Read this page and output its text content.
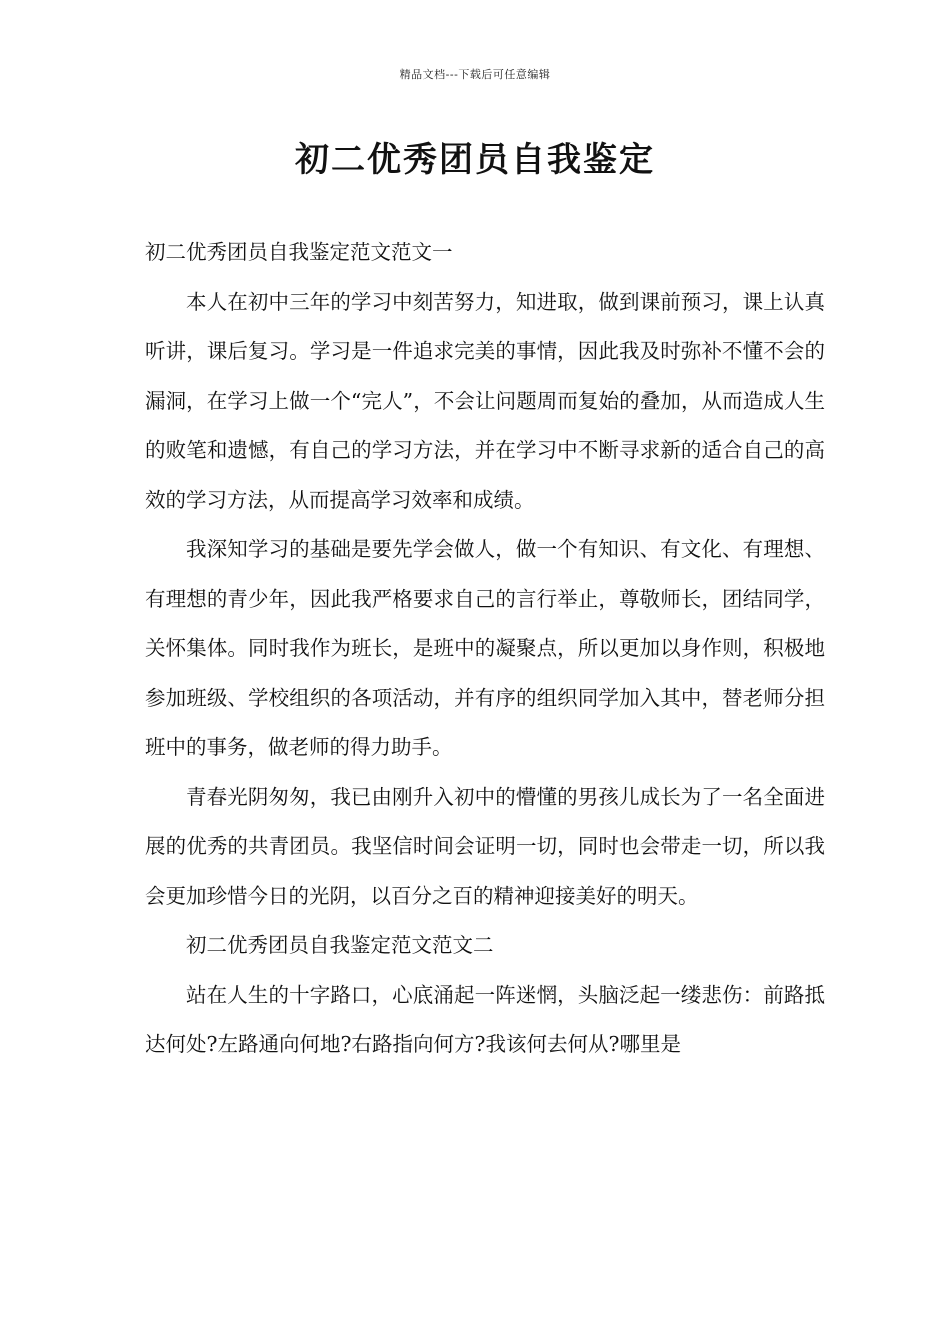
精品文档---下载后可任意编辑
初二优秀团员自我鉴定

初二优秀团员自我鉴定范文范文一

本人在初中三年的学习中刻苦努力，知进取，做到课前预习，课上认真听讲，课后复习。学习是一件追求完美的事情，因此我及时弥补不懂不会的漏洞，在学习上做一个“完人”，不会让问题周而复始的叠加，从而造成人生的败笔和遗憾，有自己的学习方法，并在学习中不断寻求新的适合自己的高效的学习方法，从而提高学习效率和成绩。

我深知学习的基础是要先学会做人，做一个有知识、有文化、有理想、有理想的青少年，因此我严格要求自己的言行举止，尊敬师长，团结同学，关怀集体。同时我作为班长，是班中的凝聚点，所以更加以身作则，积极地参加班级、学校组织的各项活动，并有序的组织同学加入其中，替老师分担班中的事务，做老师的得力助手。

青春光阴匆匆，我已由刚升入初中的懵懂的男孩儿成长为了一名全面进展的优秀的共青团员。我坚信时间会证明一切，同时也会带走一切，所以我会更加珍惜今日的光阴，以百分之百的精神迎接美好的明天。

初二优秀团员自我鉴定范文范文二

站在人生的十字路口，心底涌起一阵迷惘，头脑泛起一缕悲伤：前路抵达何处?左路通向何地?右路指向何方?我该何去何从?哪里是
